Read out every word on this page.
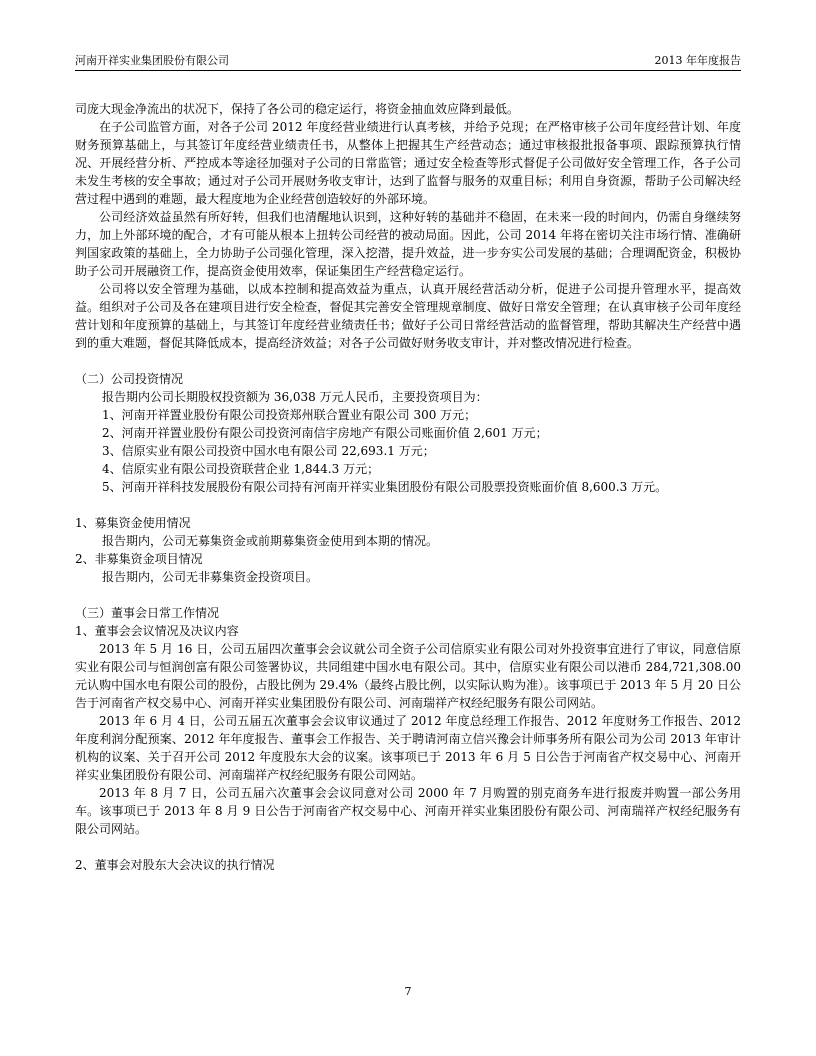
河南开祥实业集团股份有限公司	2013 年年度报告

司庞大现金净流出的状况下，保持了各公司的稳定运行，将资金抽血效应降到最低。

在子公司监管方面，对各子公司 2012 年度经营业绩进行认真考核，并给予兑现；在严格审核子公司年度经营计划、年度财务预算基础上，与其签订年度经营业绩责任书，从整体上把握其生产经营动态；通过审核报批报备事项、跟踪预算执行情况、开展经营分析、严控成本等途径加强对子公司的日常监管；通过安全检查等形式督促子公司做好安全管理工作，各子公司未发生考核的安全事故；通过对子公司开展财务收支审计，达到了监督与服务的双重目标；利用自身资源，帮助子公司解决经营过程中遇到的难题，最大程度地为企业经营创造较好的外部环境。

公司经济效益虽然有所好转，但我们也清醒地认识到，这种好转的基础并不稳固，在未来一段的时间内，仍需自身继续努力，加上外部环境的配合，才有可能从根本上扭转公司经营的被动局面。因此，公司 2014 年将在密切关注市场行情、准确研判国家政策的基础上，全力协助子公司强化管理，深入挖潜，提升效益，进一步夯实公司发展的基础；合理调配资金，积极协助子公司开展融资工作，提高资金使用效率，保证集团生产经营稳定运行。

公司将以安全管理为基础，以成本控制和提高效益为重点，认真开展经营活动分析，促进子公司提升管理水平，提高效益。组织对子公司及各在建项目进行安全检查，督促其完善安全管理规章制度、做好日常安全管理；在认真审核子公司年度经营计划和年度预算的基础上，与其签订年度经营业绩责任书；做好子公司日常经营活动的监督管理，帮助其解决生产经营中遇到的重大难题，督促其降低成本，提高经济效益；对各子公司做好财务收支审计，并对整改情况进行检查。

（二）公司投资情况

报告期内公司长期股权投资额为 36,038 万元人民币，主要投资项目为：

1、河南开祥置业股份有限公司投资郑州联合置业有限公司 300 万元；

2、河南开祥置业股份有限公司投资河南信宇房地产有限公司账面价值 2,601 万元；

3、信原实业有限公司投资中国水电有限公司 22,693.1 万元；

4、信原实业有限公司投资联营企业 1,844.3 万元；

5、河南开祥科技发展股份有限公司持有河南开祥实业集团股份有限公司股票投资账面价值 8,600.3 万元。

1、募集资金使用情况

报告期内，公司无募集资金或前期募集资金使用到本期的情况。

2、非募集资金项目情况

报告期内，公司无非募集资金投资项目。

（三）董事会日常工作情况

1、董事会会议情况及决议内容

2013 年 5 月 16 日，公司五届四次董事会会议就公司全资子公司信原实业有限公司对外投资事宜进行了审议，同意信原实业有限公司与恒润创富有限公司签署协议，共同组建中国水电有限公司。其中，信原实业有限公司以港币 284,721,308.00 元认购中国水电有限公司的股份，占股比例为 29.4%（最终占股比例，以实际认购为准）。该事项已于 2013 年 5 月 20 日公告于河南省产权交易中心、河南开祥实业集团股份有限公司、河南瑞祥产权经纪服务有限公司网站。

2013 年 6 月 4 日，公司五届五次董事会会议审议通过了 2012 年度总经理工作报告、2012 年度财务工作报告、2012 年度利润分配预案、2012 年年度报告、董事会工作报告、关于聘请河南立信兴豫会计师事务所有限公司为公司 2013 年审计机构的议案、关于召开公司 2012 年度股东大会的议案。该事项已于 2013 年 6 月 5 日公告于河南省产权交易中心、河南开祥实业集团股份有限公司、河南瑞祥产权经纪服务有限公司网站。

2013 年 8 月 7 日，公司五届六次董事会会议同意对公司 2000 年 7 月购置的别克商务车进行报废并购置一部公务用车。该事项已于 2013 年 8 月 9 日公告于河南省产权交易中心、河南开祥实业集团股份有限公司、河南瑞祥产权经纪服务有限公司网站。

2、董事会对股东大会决议的执行情况

7
